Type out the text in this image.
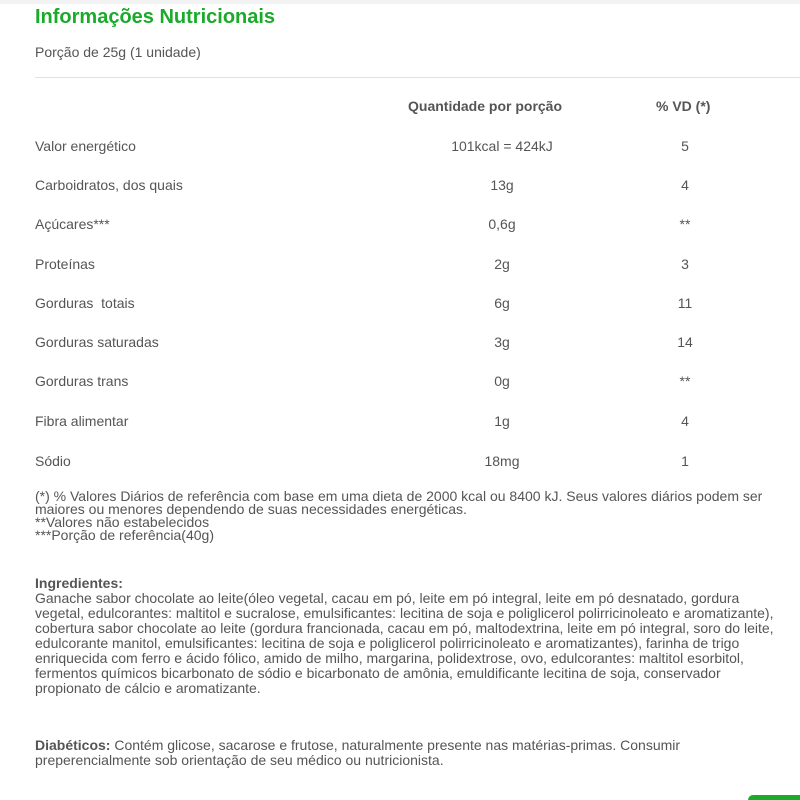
Informações Nutricionais
Porção de 25g (1 unidade)
Quantidade por porção	% VD (*)
Valor energético	101kcal = 424kJ	5
Carboidratos, dos quais	13g	4
Açúcares***	0,6g	**
Proteínas	2g	3
Gorduras  totais	6g	11
Gorduras saturadas	3g	14
Gorduras trans	0g	**
Fibra alimentar	1g	4
Sódio	18mg	1
(*) % Valores Diários de referência com base em uma dieta de 2000 kcal ou 8400 kJ. Seus valores diários podem ser maiores ou menores dependendo de suas necessidades energéticas.
**Valores não estabelecidos
***Porção de referência(40g)
Ingredientes:
Ganache sabor chocolate ao leite(óleo vegetal, cacau em pó, leite em pó integral, leite em pó desnatado, gordura vegetal, edulcorantes: maltitol e sucralose, emulsificantes: lecitina de soja e poliglicerol polirricinoleato e aromatizante), cobertura sabor chocolate ao leite (gordura francionada, cacau em pó, maltodextrina, leite em pó integral, soro do leite, edulcorante manitol, emulsificantes: lecitina de soja e poliglicerol polirricinoleato e aromatizantes), farinha de trigo enriquecida com ferro e ácido fólico, amido de milho, margarina, polidextrose, ovo, edulcorantes: maltitol esorbitol, fermentos químicos bicarbonato de sódio e bicarbonato de amônia, emuldificante lecitina de soja, conservador propionato de cálcio e aromatizante.
Diabéticos: Contém glicose, sacarose e frutose, naturalmente presente nas matérias-primas. Consumir preperencialmente sob orientação de seu médico ou nutricionista.
